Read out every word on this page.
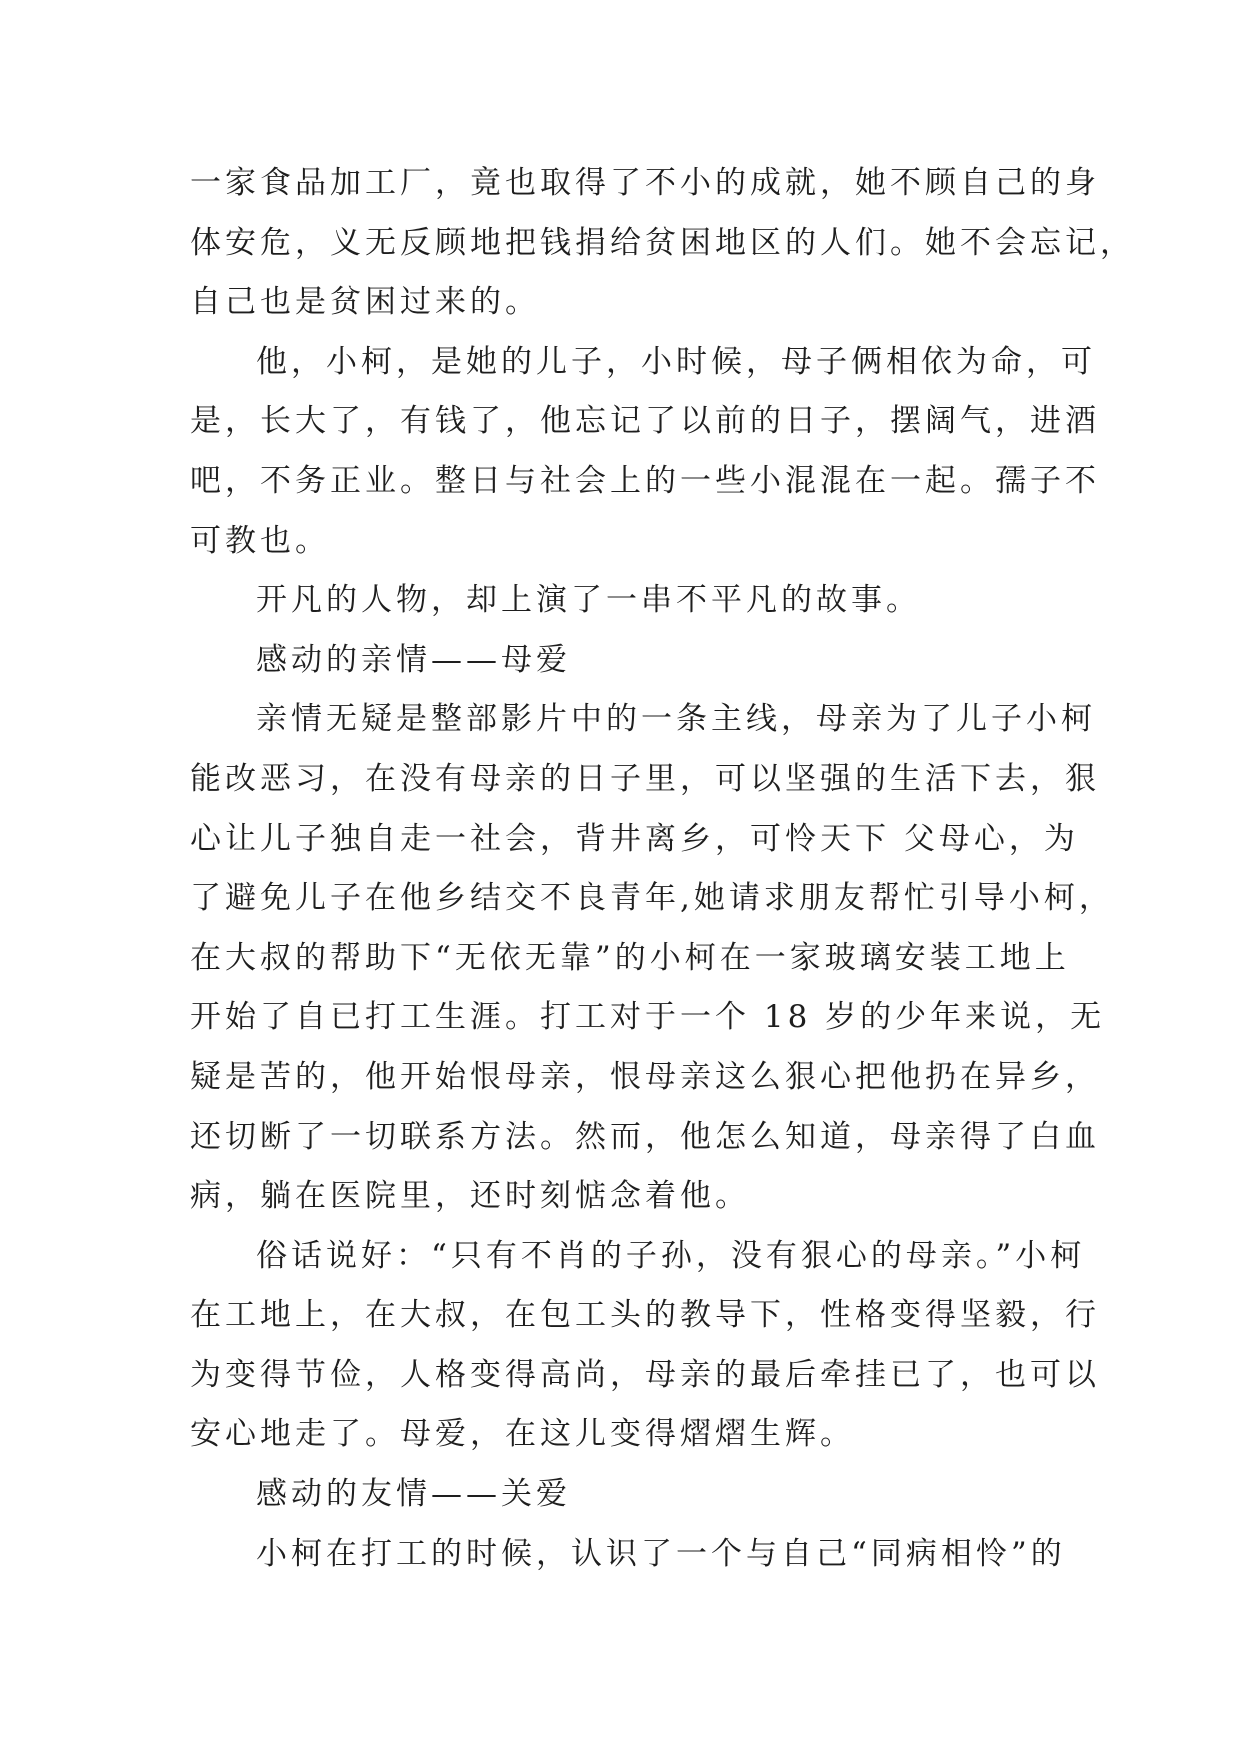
一家食品加工厂，竟也取得了不小的成就，她不顾自己的身
体安危，义无反顾地把钱捐给贫困地区的人们。她不会忘记，
自己也是贫困过来的。

他，小柯，是她的儿子，小时候，母子俩相依为命，可
是，长大了，有钱了，他忘记了以前的日子，摆阔气，进酒
吧，不务正业。整日与社会上的一些小混混在一起。孺子不
可教也。

开凡的人物，却上演了一串不平凡的故事。

感动的亲情——母爱

亲情无疑是整部影片中的一条主线，母亲为了儿子小柯
能改恶习，在没有母亲的日子里，可以坚强的生活下去，狠
心让儿子独自走一社会，背井离乡，可怜天下 父母心，为
了避免儿子在他乡结交不良青年,她请求朋友帮忙引导小柯，
在大叔的帮助下“无依无靠”的小柯在一家玻璃安装工地上
开始了自已打工生涯。打工对于一个 18 岁的少年来说，无
疑是苦的，他开始恨母亲，恨母亲这么狠心把他扔在异乡，
还切断了一切联系方法。然而，他怎么知道，母亲得了白血
病，躺在医院里，还时刻惦念着他。

俗话说好：“只有不肖的子孙，没有狠心的母亲。”小柯
在工地上，在大叔，在包工头的教导下，性格变得坚毅，行
为变得节俭，人格变得高尚，母亲的最后牵挂已了，也可以
安心地走了。母爱，在这儿变得熠熠生辉。

感动的友情——关爱

小柯在打工的时候，认识了一个与自己“同病相怜”的
